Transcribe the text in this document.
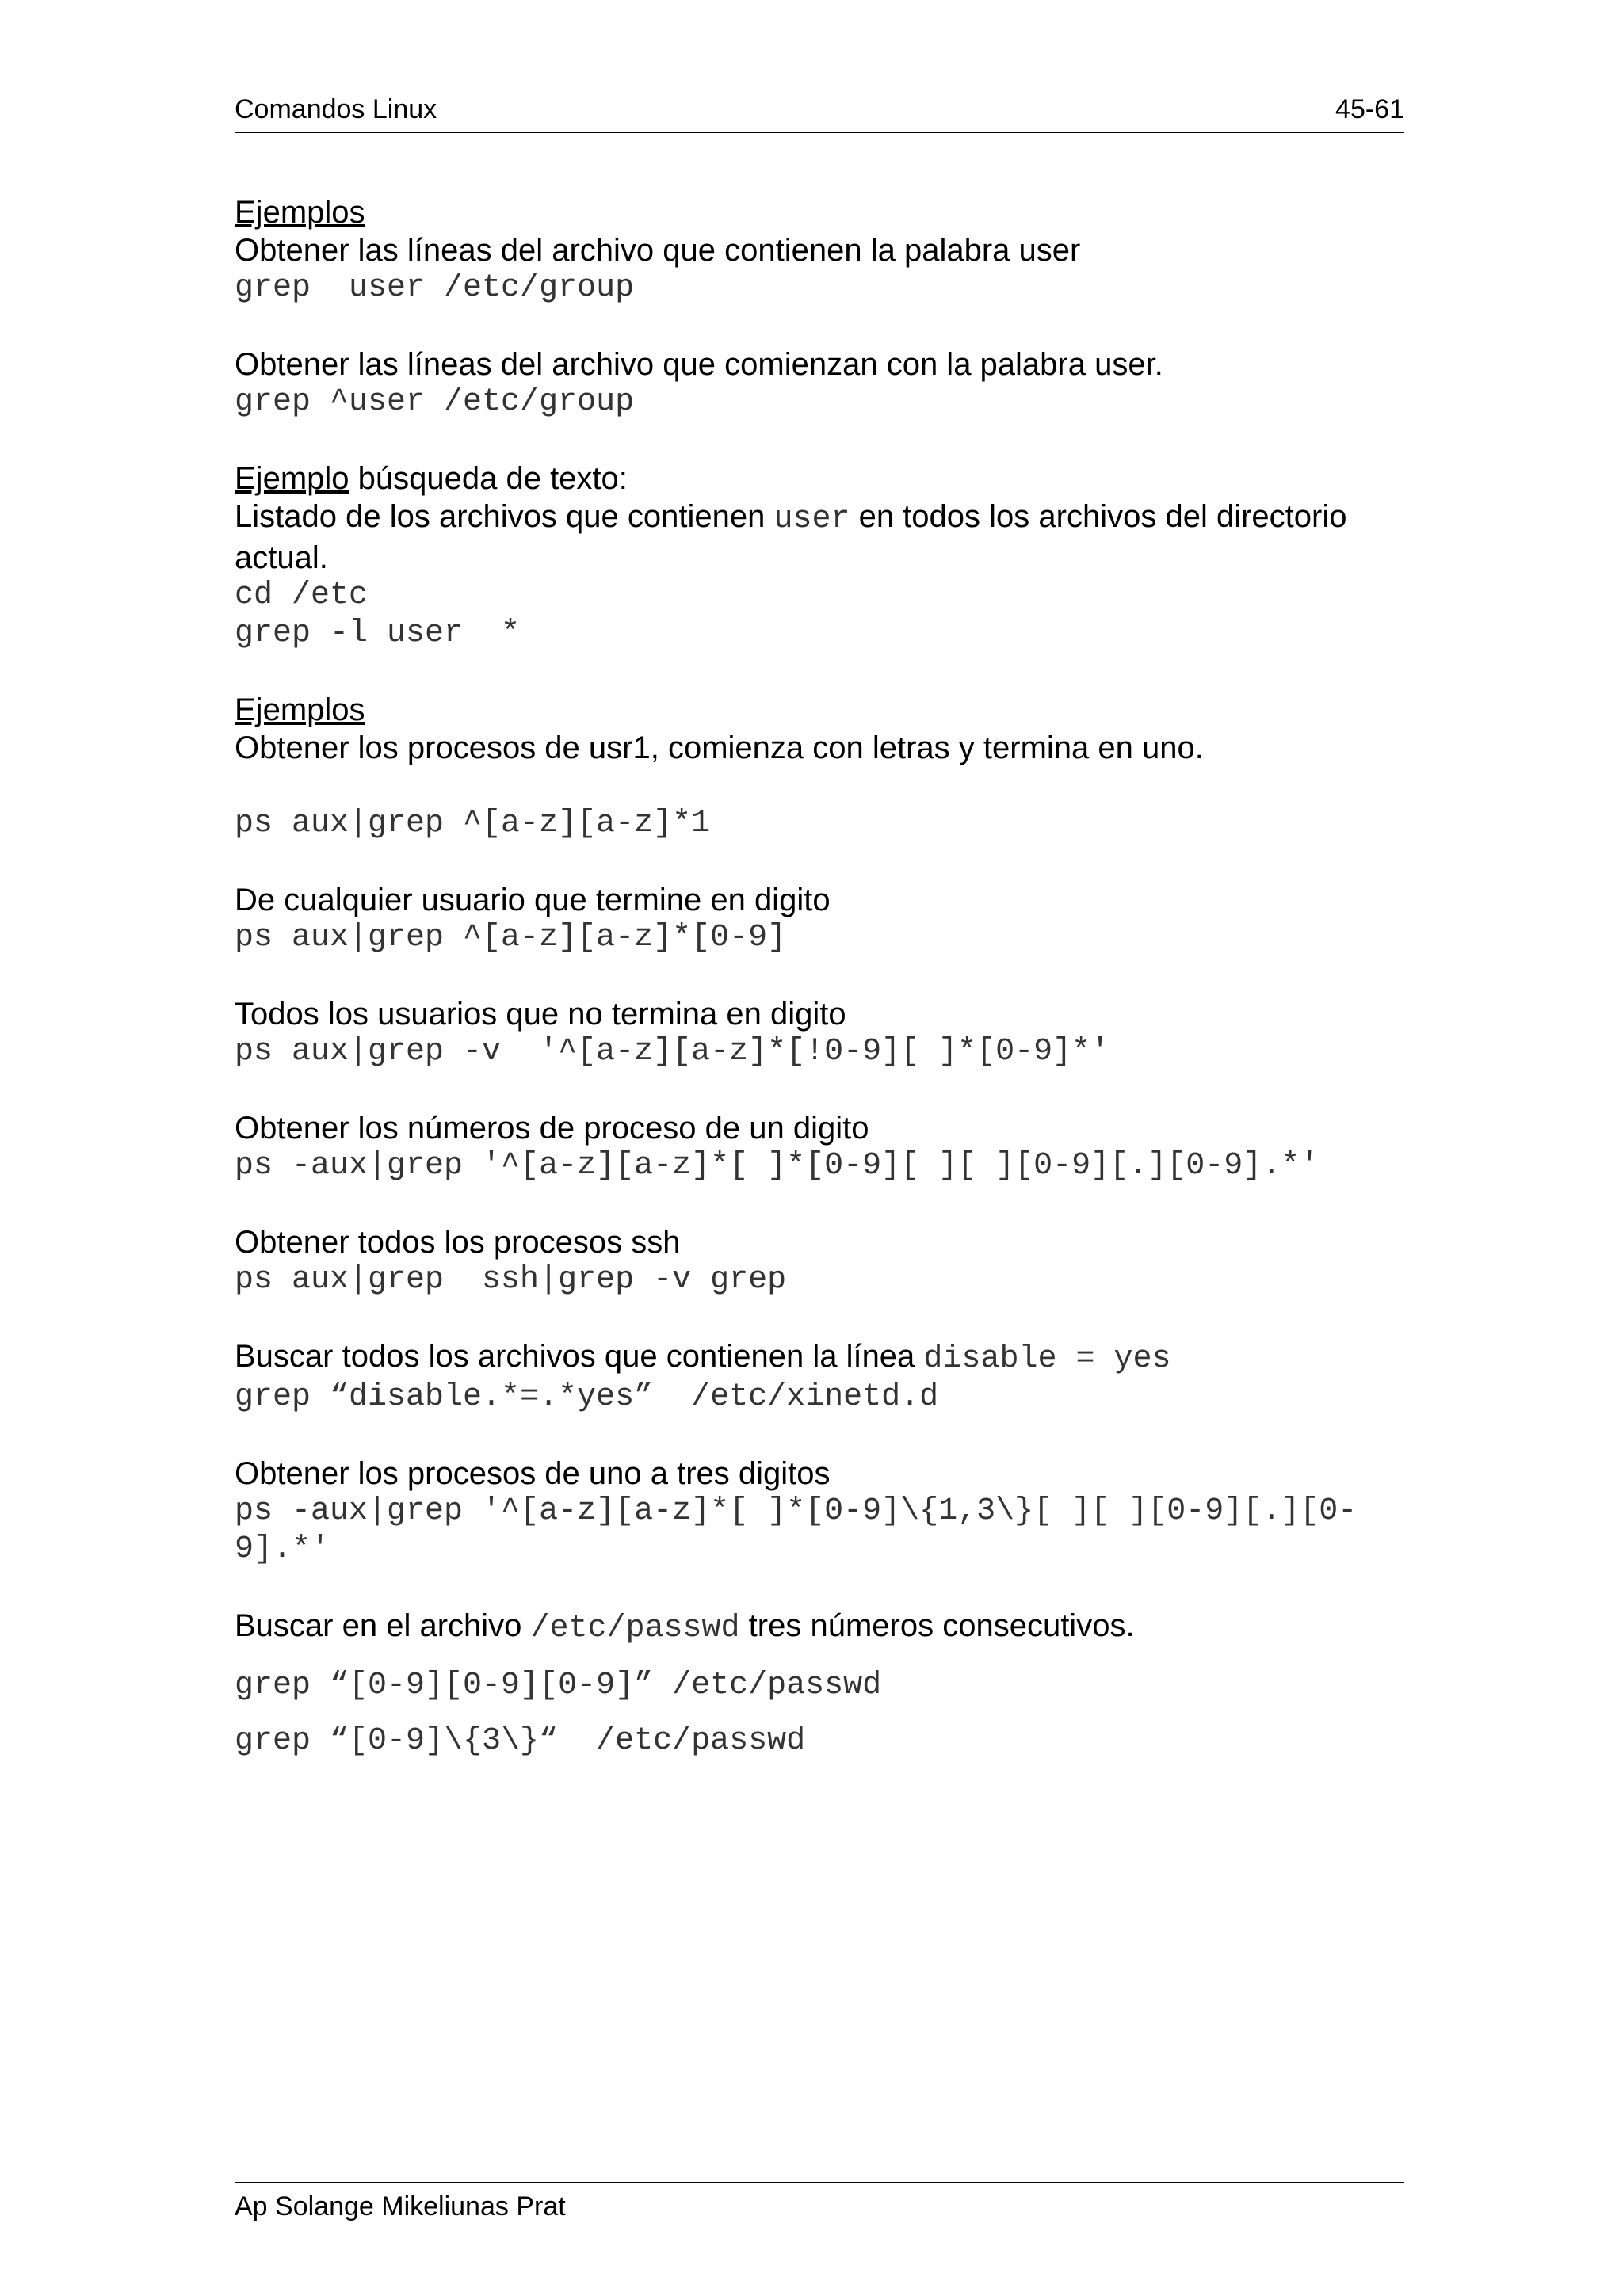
Comandos Linux	45-61

Ejemplos

Obtener las líneas del archivo que contienen la palabra user

grep  user /etc/group

Obtener las líneas del archivo que comienzan con la palabra user.

grep ^user /etc/group

Ejemplo búsqueda de texto:

Listado de los archivos que contienen user en todos los archivos del directorio actual.

cd /etc

grep -l user  *

Ejemplos

Obtener los procesos de usr1, comienza con letras y termina en uno.

ps aux|grep ^[a-z][a-z]*1

De cualquier usuario que termine en digito

ps aux|grep ^[a-z][a-z]*[0-9]

Todos los usuarios que no termina en digito

ps aux|grep -v  '^[a-z][a-z]*[!0-9][ ]*[0-9]*'

Obtener los números de proceso de un digito

ps -aux|grep '^[a-z][a-z]*[ ]*[0-9][ ][ ][0-9][.][0-9].*'

Obtener todos los procesos ssh

ps aux|grep  ssh|grep -v grep

Buscar todos los archivos que contienen la línea disable = yes

grep “disable.*=.*yes”  /etc/xinetd.d

Obtener los procesos de uno a tres digitos

ps -aux|grep '^[a-z][a-z]*[ ]*[0-9]\{1,3\}[ ][ ][0-9][.][0-9].*'

Buscar en el archivo /etc/passwd tres números consecutivos.

grep “[0-9][0-9][0-9]” /etc/passwd

grep “[0-9]\{3\}“  /etc/passwd

Ap Solange Mikeliunas Prat
